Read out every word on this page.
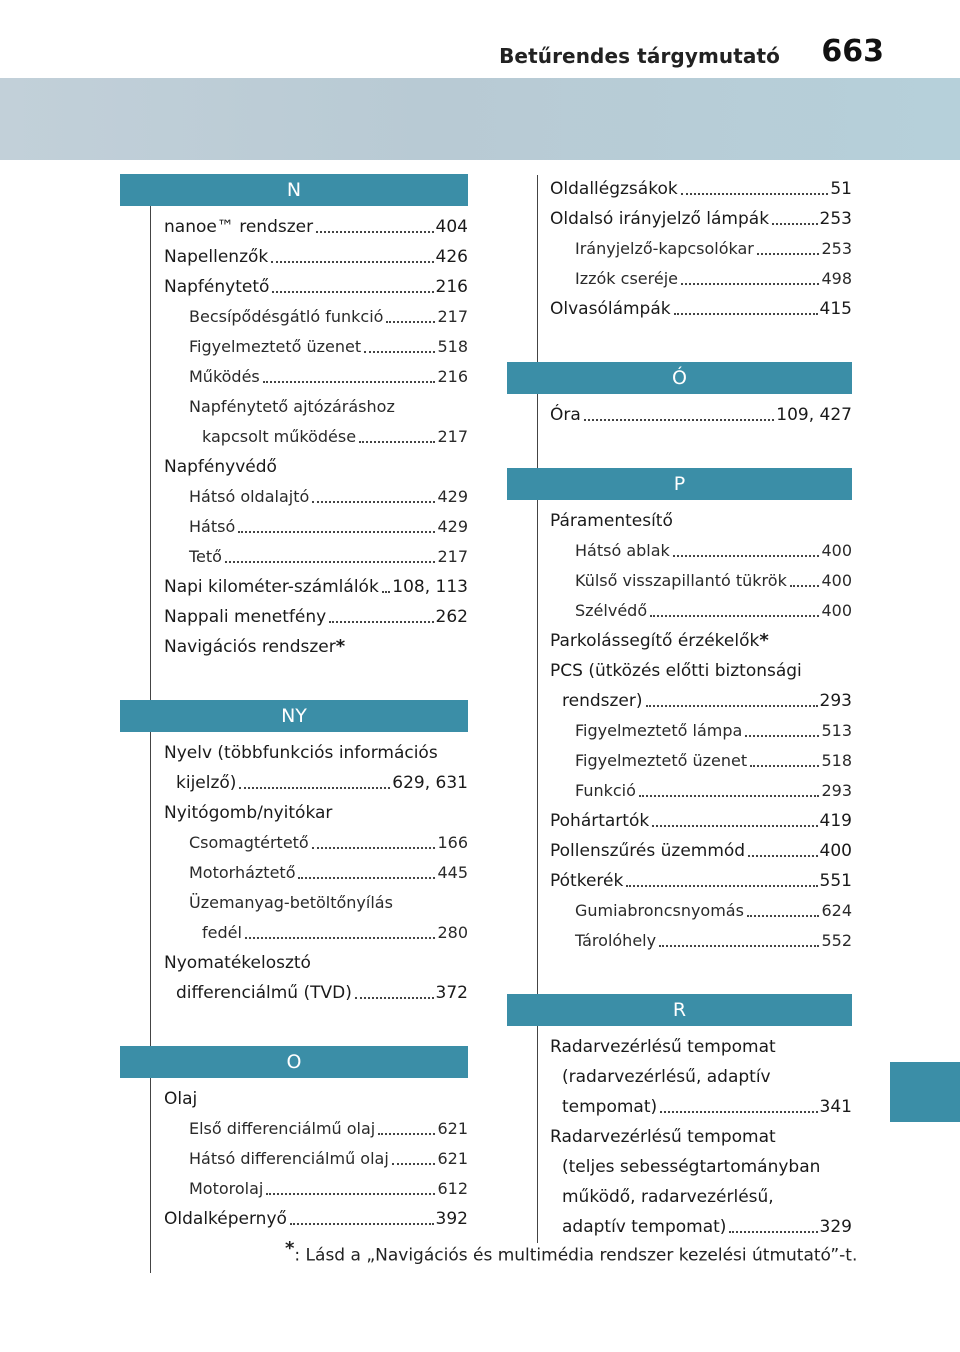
Betűrendes tárgymutató 663
N
nanoe™ rendszer	404
Napellenzők	426
Napfénytető	216
Becsípődésgátló funkció	217
Figyelmeztető üzenet	518
Működés	216
Napfénytető ajtózáráshoz
kapcsolt működése	217
Napfényvédő
Hátsó oldalajtó	429
Hátsó	429
Tető	217
Napi kilométer-számlálók 108, 113
Nappali menetfény	262
Navigációs rendszer *
NY
Nyelv (többfunkciós információs
kijelző)	629, 631
Nyitógomb/nyitókar
Csomagtértető	166
Motorháztető	445
Üzemanyag-betöltőnyílás
fedél	280
Nyomatékelosztó
differenciálmű (TVD)	372
O
Olaj
Első differenciálmű olaj	621
Hátsó differenciálmű olaj	621
Motorolaj	612
Oldalképernyő	392
Oldallégzsákok	51
Oldalsó irányjelző lámpák	253
Irányjelző-kapcsolókar	253
Izzók cseréje	498
Olvasólámpák	415
Ó
Óra	109, 427
P
Páramentesítő
Hátsó ablak	400
Külső visszapillantó tükrök 400
Szélvédő	400
Parkolássegítő érzékelők *
PCS (ütközés előtti biztonsági
rendszer)	293
Figyelmeztető lámpa	513
Figyelmeztető üzenet	518
Funkció	293
Pohártartók	419
Pollenszűrés üzemmód	400
Pótkerék	551
Gumiabroncsnyomás	624
Tárolóhely	552
R
Radarvezérlésű tempomat
(radarvezérlésű, adaptív
tempomat)	341
Radarvezérlésű tempomat
(teljes sebességtartományban
működő, radarvezérlésű,
adaptív tempomat)	329
*: Lásd a „Navigációs és multimédia rendszer kezelési útmutató”-t.
